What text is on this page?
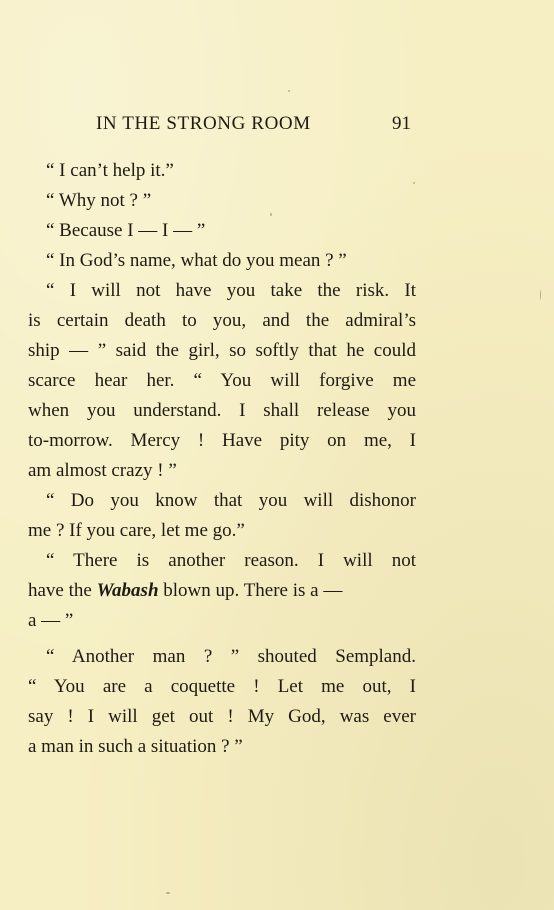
IN THE STRONG ROOM	91
“ I can’t help it.”
“ Why not ? ”
“ Because I — I — ”
“ In God’s name, what do you mean ? ”
“ I will not have you take the risk. It
is certain death to you, and the admiral’s
ship — ” said the girl, so softly that he could
scarce hear her. “ You will forgive me
when you understand. I shall release you
to-morrow. Mercy ! Have pity on me, I
am almost crazy ! ”
“ Do you know that you will dishonor
me ? If you care, let me go.”
“ There is another reason. I will not
have the Wabash blown up. There is a —
a — ”
“ Another man ? ” shouted Sempland.
“ You are a coquette ! Let me out, I
say ! I will get out ! My God, was ever
a man in such a situation ? ”
